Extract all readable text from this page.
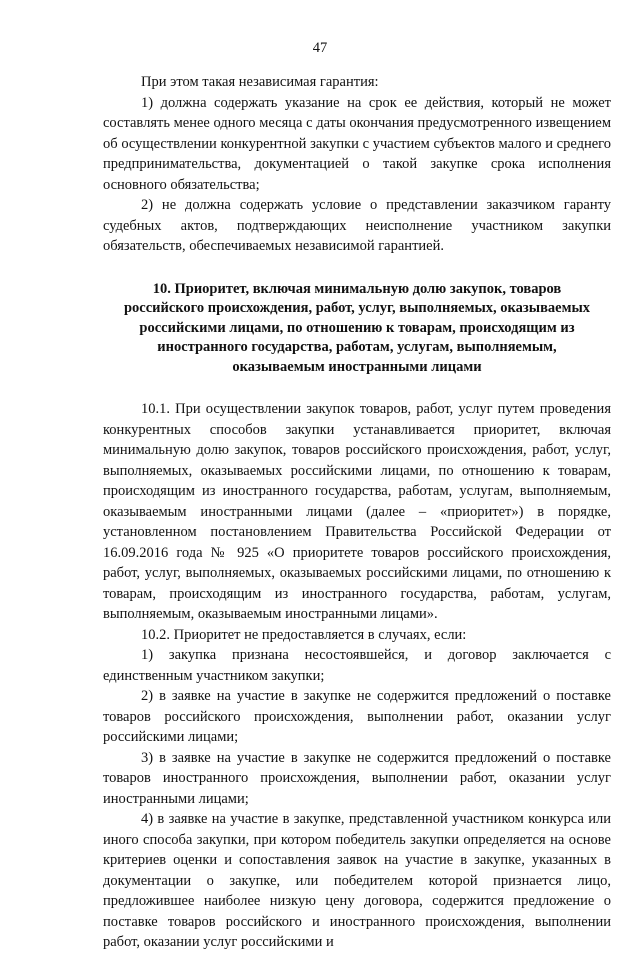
47

При этом такая независимая гарантия:

1) должна содержать указание на срок ее действия, который не может составлять менее одного месяца с даты окончания предусмотренного извещением об осуществлении конкурентной закупки с участием субъектов малого и среднего предпринимательства, документацией о такой закупке срока исполнения основного обязательства;

2) не должна содержать условие о представлении заказчиком гаранту судебных актов, подтверждающих неисполнение участником закупки обязательств, обеспечиваемых независимой гарантией.

10. Приоритет, включая минимальную долю закупок, товаров
российского происхождения, работ, услуг, выполняемых, оказываемых
российскими лицами, по отношению к товарам, происходящим из
иностранного государства, работам, услугам, выполняемым,
оказываемым иностранными лицами

10.1. При осуществлении закупок товаров, работ, услуг путем проведения конкурентных способов закупки устанавливается приоритет, включая минимальную долю закупок, товаров российского происхождения, работ, услуг, выполняемых, оказываемых российскими лицами, по отношению к товарам, происходящим из иностранного государства, работам, услугам, выполняемым, оказываемым иностранными лицами (далее – «приоритет») в порядке, установленном постановлением Правительства Российской Федерации от 16.09.2016 года № 925 «О приоритете товаров российского происхождения, работ, услуг, выполняемых, оказываемых российскими лицами, по отношению к товарам, происходящим из иностранного государства, работам, услугам, выполняемым, оказываемым иностранными лицами».

10.2. Приоритет не предоставляется в случаях, если:

1) закупка признана несостоявшейся, и договор заключается с единственным участником закупки;

2) в заявке на участие в закупке не содержится предложений о поставке товаров российского происхождения, выполнении работ, оказании услуг российскими лицами;

3) в заявке на участие в закупке не содержится предложений о поставке товаров иностранного происхождения, выполнении работ, оказании услуг иностранными лицами;

4) в заявке на участие в закупке, представленной участником конкурса или иного способа закупки, при котором победитель закупки определяется на основе критериев оценки и сопоставления заявок на участие в закупке, указанных в документации о закупке, или победителем которой признается лицо, предложившее наиболее низкую цену договора, содержится предложение о поставке товаров российского и иностранного происхождения, выполнении работ, оказании услуг российскими и
